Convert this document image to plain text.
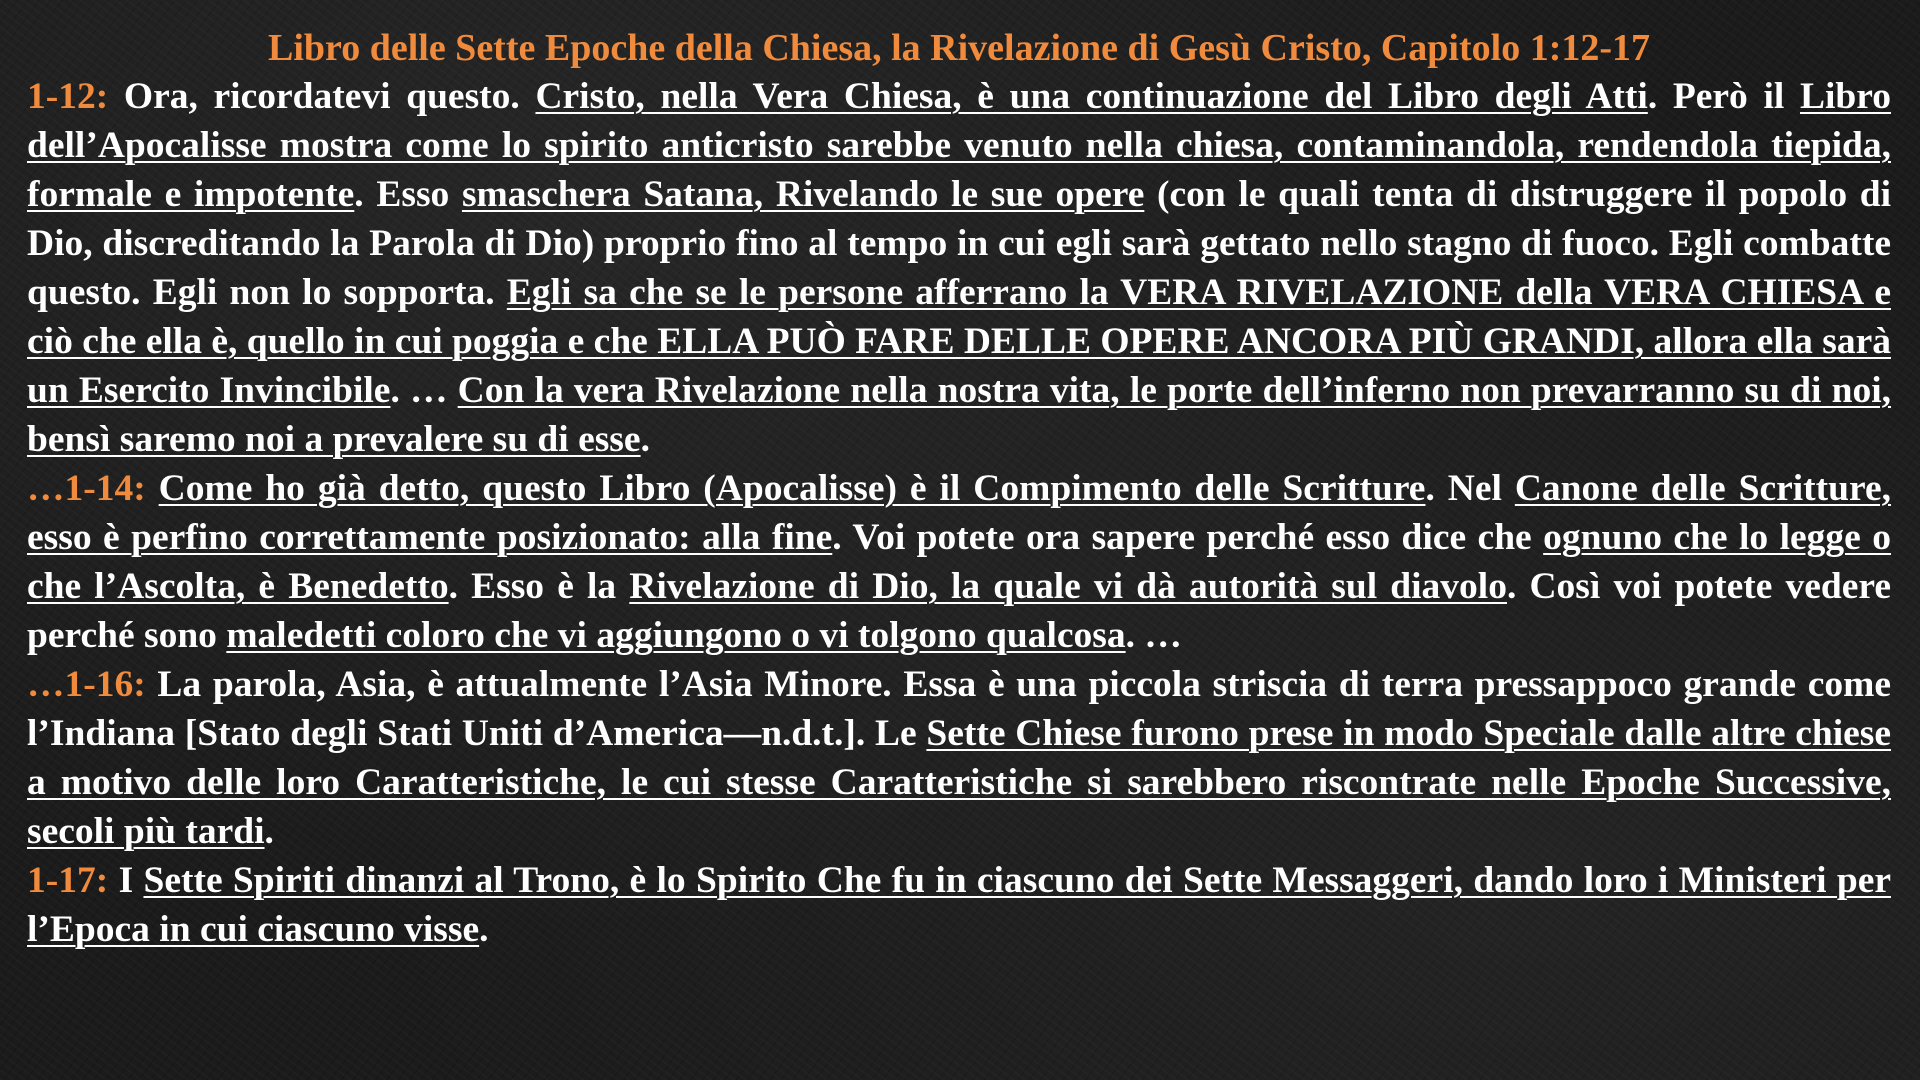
Libro delle Sette Epoche della Chiesa, la Rivelazione di Gesù Cristo, Capitolo 1:12-17

1-12: Ora, ricordatevi questo. Cristo, nella Vera Chiesa, è una continuazione del Libro degli Atti. Però il Libro dell’Apocalisse mostra come lo spirito anticristo sarebbe venuto nella chiesa, contaminandola, rendendola tiepida, formale e impotente. Esso smaschera Satana, Rivelando le sue opere (con le quali tenta di distruggere il popolo di Dio, discreditando la Parola di Dio) proprio fino al tempo in cui egli sarà gettato nello stagno di fuoco. Egli combatte questo. Egli non lo sopporta. Egli sa che se le persone afferrano la VERA RIVELAZIONE della VERA CHIESA e ciò che ella è, quello in cui poggia e che ELLA PUÒ FARE DELLE OPERE ANCORA PIÙ GRANDI, allora ella sarà un Esercito Invincibile. … Con la vera Rivelazione nella nostra vita, le porte dell’inferno non prevarranno su di noi, bensì saremo noi a prevalere su di esse.

…1-14: Come ho già detto, questo Libro (Apocalisse) è il Compimento delle Scritture. Nel Canone delle Scritture, esso è perfino correttamente posizionato: alla fine. Voi potete ora sapere perché esso dice che ognuno che lo legge o che l’Ascolta, è Benedetto. Esso è la Rivelazione di Dio, la quale vi dà autorità sul diavolo. Così voi potete vedere perché sono maledetti coloro che vi aggiungono o vi tolgono qualcosa. …

…1-16: La parola, Asia, è attualmente l’Asia Minore. Essa è una piccola striscia di terra pressappoco grande come l’Indiana [Stato degli Stati Uniti d’America—n.d.t.]. Le Sette Chiese furono prese in modo Speciale dalle altre chiese a motivo delle loro Caratteristiche, le cui stesse Caratteristiche si sarebbero riscontrate nelle Epoche Successive, secoli più tardi.

1-17: I Sette Spiriti dinanzi al Trono, è lo Spirito Che fu in ciascuno dei Sette Messaggeri, dando loro i Ministeri per l’Epoca in cui ciascuno visse.
